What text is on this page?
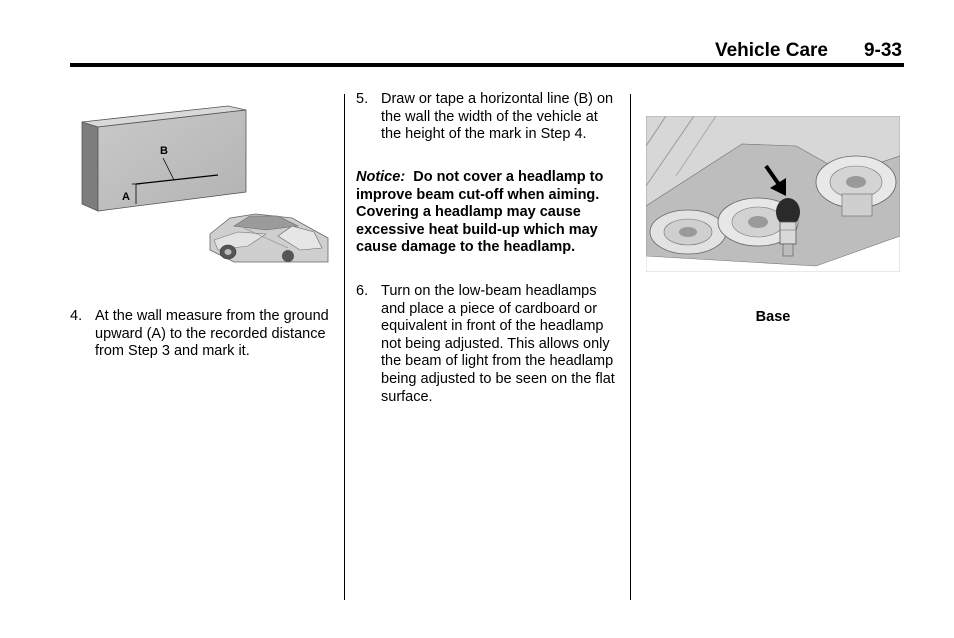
Vehicle Care 9-33
B
A
4. At the wall measure from the ground upward (A) to the recorded distance from Step 3 and mark it.
5. Draw or tape a horizontal line (B) on the wall the width of the vehicle at the height of the mark in Step 4.
Notice: Do not cover a headlamp to improve beam cut-off when aiming. Covering a headlamp may cause excessive heat build-up which may cause damage to the headlamp.
6. Turn on the low-beam headlamps and place a piece of cardboard or equivalent in front of the headlamp not being adjusted. This allows only the beam of light from the headlamp being adjusted to be seen on the flat surface.
Base
